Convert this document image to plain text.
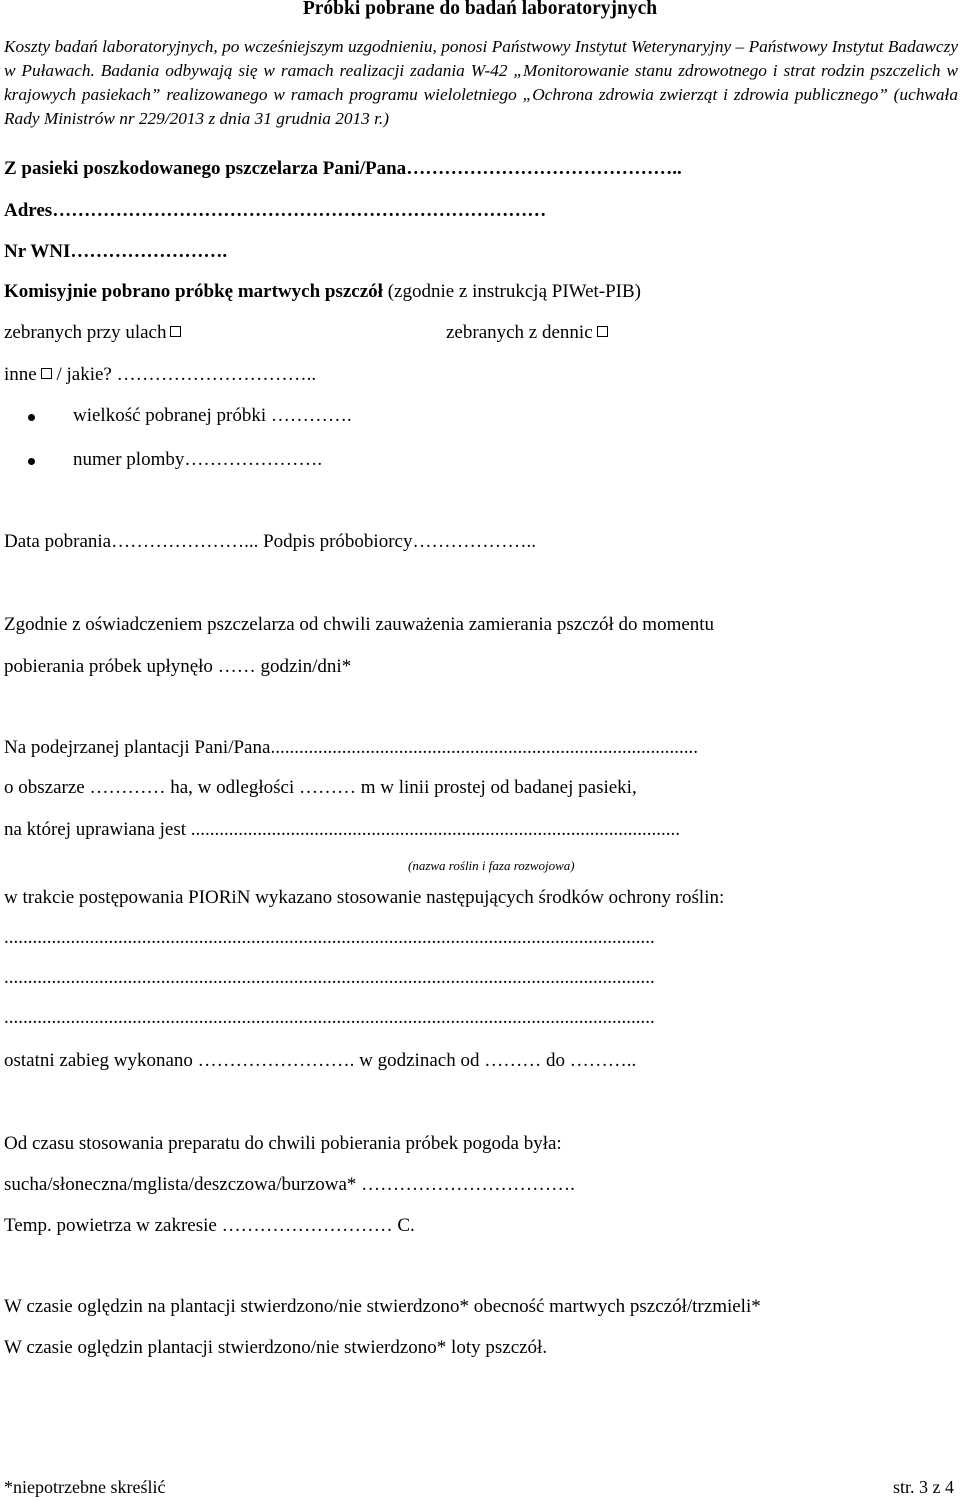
Próbki pobrane do badań laboratoryjnych
Koszty badań laboratoryjnych, po wcześniejszym uzgodnieniu, ponosi Państwowy Instytut Weterynaryjny – Państwowy Instytut Badawczy w Puławach. Badania odbywają się w ramach realizacji zadania W-42 „Monitorowanie stanu zdrowotnego i strat rodzin pszczelich w krajowych pasiekach” realizowanego w ramach programu wieloletniego „Ochrona zdrowia zwierząt i zdrowia publicznego” (uchwała Rady Ministrów nr 229/2013 z dnia 31 grudnia 2013 r.)
Z pasieki poszkodowanego pszczelarza Pani/Pana……………………………………..
Adres……………………………………………………………………
Nr WNI…………………….
Komisyjnie pobrano próbkę martwych pszczół (zgodnie z instrukcją PIWet-PIB)
zebranych przy ulach	zebranych z dennic
inne / jakie? …………………………..
wielkość pobranej próbki ………….
numer plomby………………….
Data pobrania…………………... Podpis próbobiorcy………………..
Zgodnie z oświadczeniem pszczelarza od chwili zauważenia zamierania pszczół do momentu
pobierania próbek upłynęło …… godzin/dni*
Na podejrzanej plantacji Pani/Pana..........................................................................................
o obszarze ………… ha, w odległości ……… m w linii prostej od badanej pasieki,
na której uprawiana jest .......................................................................................................
(nazwa roślin i faza rozwojowa)
w trakcie postępowania PIORiN wykazano stosowanie następujących środków ochrony roślin:
.........................................................................................................................................
.........................................................................................................................................
.........................................................................................................................................
ostatni zabieg wykonano ……………………. w godzinach od ……… do ………..
Od czasu stosowania preparatu do chwili pobierania próbek pogoda była:
sucha/słoneczna/mglista/deszczowa/burzowa* …………………………….
Temp. powietrza w zakresie ……………………… C.
W czasie oględzin na plantacji stwierdzono/nie stwierdzono* obecność martwych pszczół/trzmieli*
W czasie oględzin plantacji stwierdzono/nie stwierdzono* loty pszczół.
*niepotrzebne skreślić	str. 3 z 4
